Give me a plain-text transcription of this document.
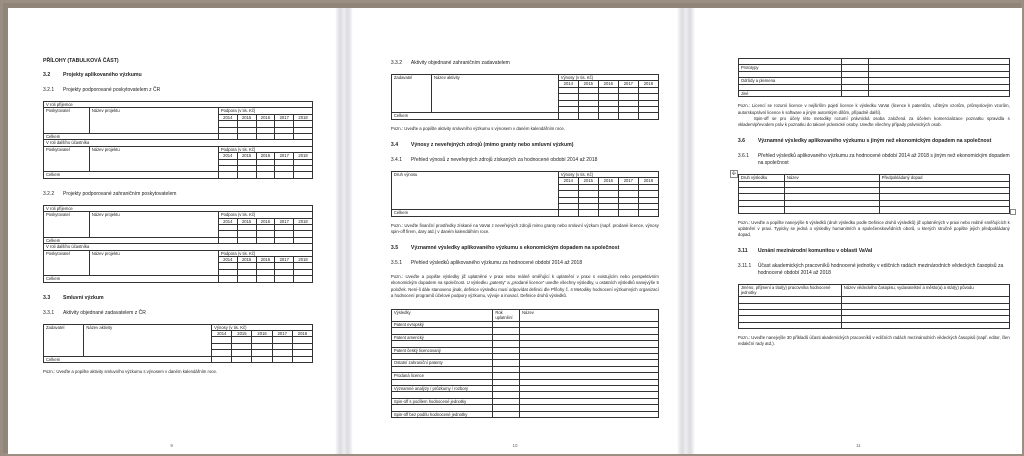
PŘÍLOHY (TABULKOVÁ ČÁST)
3.2	Projekty aplikovaného výzkumu
3.2.1	Projekty podporované poskytovatelem z ČR
V roli příjemce						
Poskytovatel	Název projektu	Podpora (v tis. Kč)				
		2014	2015	2016	2017	2018

Celkem						
V roli dalšího účastníka						
Poskytovatel	Název projektu	Podpora (v tis. Kč)				
		2014	2015	2016	2017	2018

Celkem						
3.2.2	Projekty podporované zahraničním poskytovatelem
V roli příjemce						
Poskytovatel	Název projektu	Podpora (v tis. Kč)				
		2014	2015	2016	2017	2018

Celkem						
V roli dalšího účastníka						
Poskytovatel	Název projektu	Podpora (v tis. Kč)				
		2014	2015	2016	2017	2018

Celkem						
3.3	Smluvní výzkum
3.3.1	Aktivity objednané zadavatelem z ČR
Zadavatel	Název aktivity	Výnosy (v tis. Kč)				
		2014	2015	2016	2017	2018

Celkem						
Pozn.: Uveďte a popište aktivity smluvního výzkumu s výnosem v daném kalendářním roce.
9
3.3.2	Aktivity objednané zahraničním zadavatelem
Zadavatel	Název aktivity	Výnosy (v tis. Kč)				
		2014	2015	2016	2017	2018

Celkem						
Pozn.: Uveďte a popište aktivity smluvního výzkumu s výnosem v daném kalendářním roce.
3.4	Výnosy z neveřejných zdrojů (mimo granty nebo smluvní výzkum)
3.4.1	Přehled výnosů z neveřejných zdrojů získaných za hodnocené období 2014 až 2018
Druh výnosu	Výnosy (v tis. Kč)				
	2014	2015	2016	2017	2018

Celkem					
Pozn.: Uveďte finanční prostředky získané na VaVaI z neveřejných zdrojů mimo granty nebo smluvní výzkum (např. prodané licence, výnosy spin-off firem, dary atd.) v daném kalendářním roce.
3.5	Významné výsledky aplikovaného výzkumu s ekonomickým dopadem na společnost
3.5.1	Přehled výsledků aplikovaného výzkumu za hodnocené období 2014 až 2018
Pozn.: Uveďte a popište výsledky již uplatněné v praxi nebo reálně směřující k uplatnění v praxi s existujícím nebo perspektivním ekonomickým dopadem na společnost. U výsledku „patenty" a „prodané licence" uveďte všechny výsledky, u ostatních výsledků nanejvýše 5 položek. Není-li dále stanoveno jinak, definice výsledku musí odpovídat definici dle Přílohy č. 4 Metodiky hodnocení výzkumných organizací a hodnocení programů účelové podpory výzkumu, vývoje a inovací. Definice druhů výsledků.
Výsledky	Rok uplatnění	Název
Patent evropský		

Patent americký		

Patent český licencovaný		

Ostatní zahraniční patenty		

Prodaná licence		

Významné analýzy / průzkumy / rozbory		

Spin-off s podílem hodnocené jednotky		

Spin-off bez podílu hodnocené jednotky		
10

Prototypy		

Odrůdy a plemena		

Jiné		
Pozn.: Licencí se rozumí licence v nejširším pojetí licence k výsledku VaVaI (licence k patentům, užitným vzorům, průmyslovým vzorům, autorskoprávní licence k software a jiným autorským dílům, případně další).
Spin-off se pro účely této metodiky rozumí právnická osoba založená za účelem komercializace poznatku spravidla s vkladem/převodem práv k poznatku do takové právnické osoby. Uveďte všechny případy právnických osob.
3.6	Významné výsledky aplikovaného výzkumu s jiným než ekonomickým dopadem na společnost
3.6.1	Přehled výsledků aplikovaného výzkumu za hodnocené období 2014 až 2018 s jiným než ekonomickým dopadem na společnost
✣
Druh výsledku	Název	Předpokládaný dopad

Pozn.: Uveďte a popište nanejvýše 5 výsledků (druh výsledku podle Definice druhů výsledků) již uplatněných v praxi nebo reálně směřujících k uplatnění v praxi. Typicky se jedná o výsledky humanitních a společenskovědních oborů, u kterých stručně popište jejich předpokládaný dopad.
3.11	Uznání mezinárodní komunitou v oblasti VaVaI
3.11.1	Účast akademických pracovníků hodnocené jednotky v edičních radách mezinárodních vědeckých časopisů za hodnocené období 2014 až 2018
Jméno, příjmení a titul(y) pracovníka hodnocené jednotky	Název vědeckého časopisu, vydavatelství a město(a) a stát(y) původu

Pozn.: Uveďte nanejvýše 30 příkladů účasti akademických pracovníků v edičních radách mezinárodních vědeckých časopisů (např. editor, člen redakční rady atd.).
11
